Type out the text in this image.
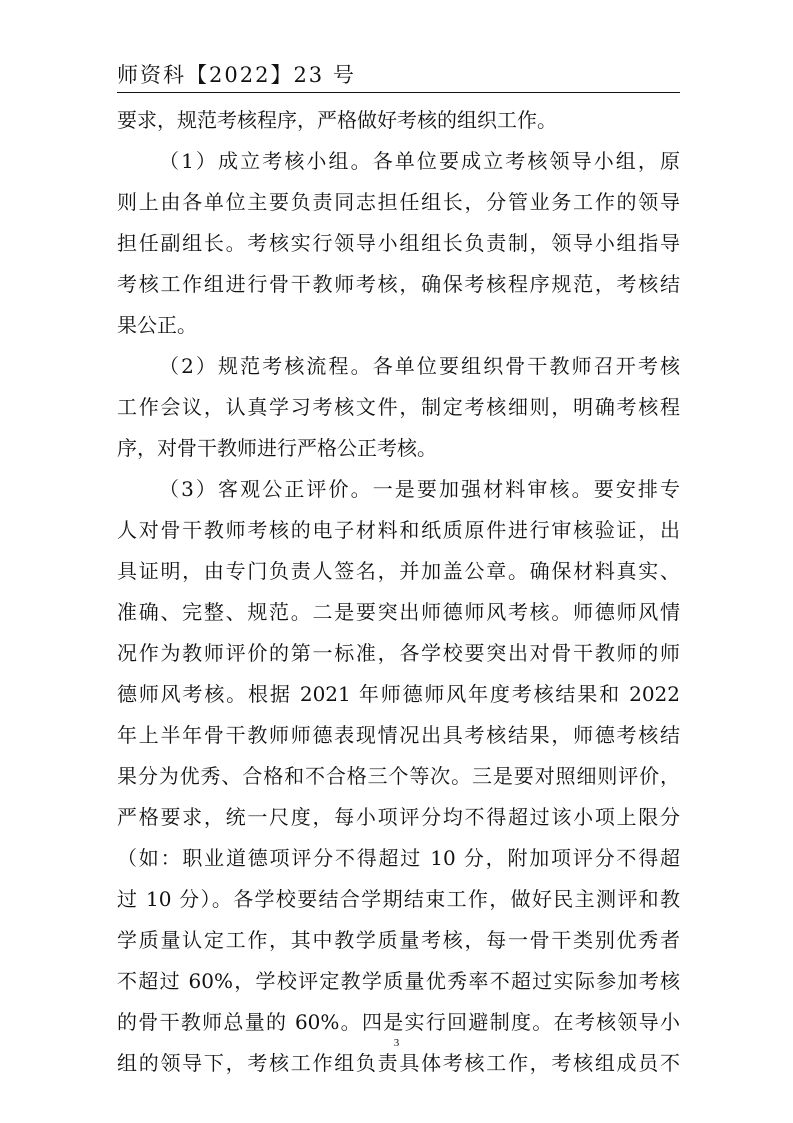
师资科【2022】23 号
要求，规范考核程序，严格做好考核的组织工作。
（1）成立考核小组。各单位要成立考核领导小组，原
则上由各单位主要负责同志担任组长，分管业务工作的领导
担任副组长。考核实行领导小组组长负责制，领导小组指导
考核工作组进行骨干教师考核，确保考核程序规范，考核结
果公正。
（2）规范考核流程。各单位要组织骨干教师召开考核
工作会议，认真学习考核文件，制定考核细则，明确考核程
序，对骨干教师进行严格公正考核。
（3）客观公正评价。一是要加强材料审核。要安排专
人对骨干教师考核的电子材料和纸质原件进行审核验证，出
具证明，由专门负责人签名，并加盖公章。确保材料真实、
准确、完整、规范。二是要突出师德师风考核。师德师风情
况作为教师评价的第一标准，各学校要突出对骨干教师的师
德师风考核。根据 2021 年师德师风年度考核结果和 2022
年上半年骨干教师师德表现情况出具考核结果，师德考核结
果分为优秀、合格和不合格三个等次。三是要对照细则评价，
严格要求，统一尺度，每小项评分均不得超过该小项上限分
（如：职业道德项评分不得超过 10 分，附加项评分不得超
过 10 分）。各学校要结合学期结束工作，做好民主测评和教
学质量认定工作，其中教学质量考核，每一骨干类别优秀者
不超过 60%，学校评定教学质量优秀率不超过实际参加考核
的骨干教师总量的 60%。四是实行回避制度。在考核领导小
组的领导下，考核工作组负责具体考核工作，考核组成员不
3
